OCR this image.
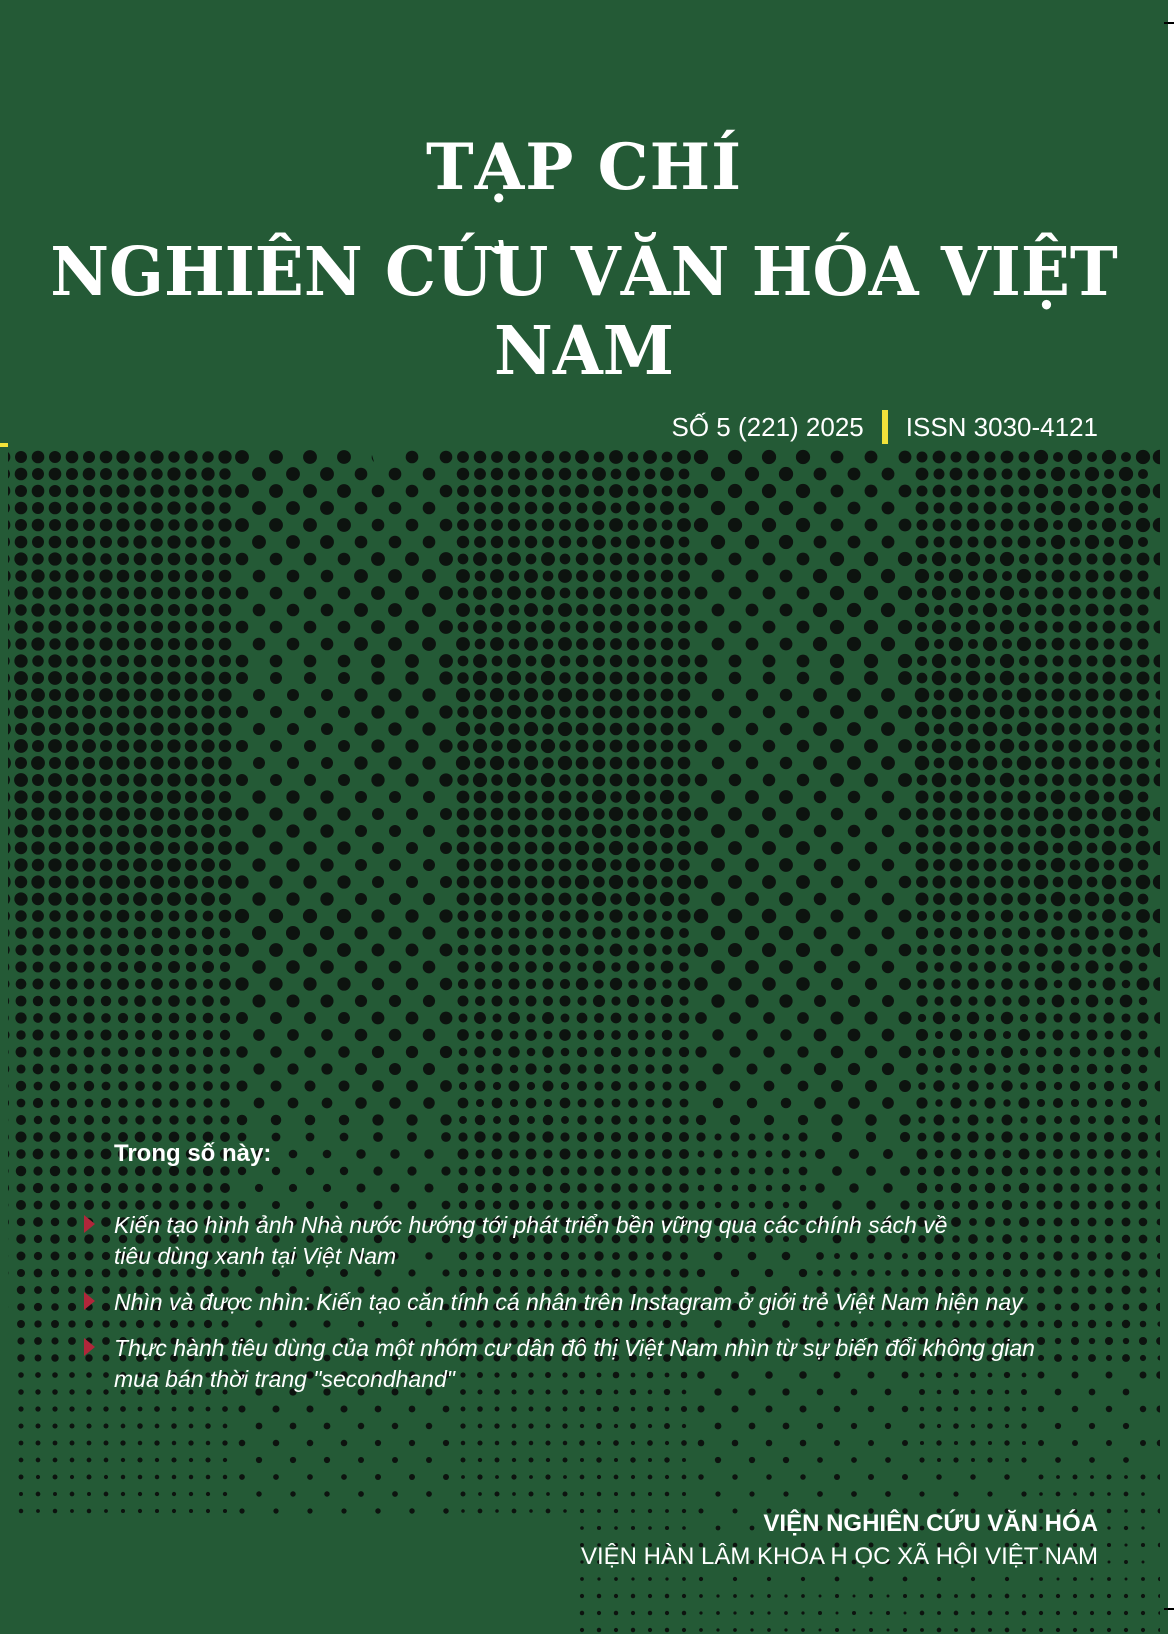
TẠP CHÍ
NGHIÊN CỨU VĂN HÓA VIỆT NAM
SỐ 5 (221) 2025 ISSN 3030-4121
Trong số này:
Kiến tạo hình ảnh Nhà nước hướng tới phát triển bền vững qua các chính sách về
tiêu dùng xanh tại Việt Nam
Nhìn và được nhìn: Kiến tạo căn tính cá nhân trên Instagram ở giới trẻ Việt Nam hiện nay
Thực hành tiêu dùng của một nhóm cư dân đô thị Việt Nam nhìn từ sự biến đổi không gian
mua bán thời trang "secondhand"
VIỆN NGHIÊN CỨU VĂN HÓA
VIỆN HÀN LÂM KHOA H ỌC XÃ HỘI VIỆT NAM
